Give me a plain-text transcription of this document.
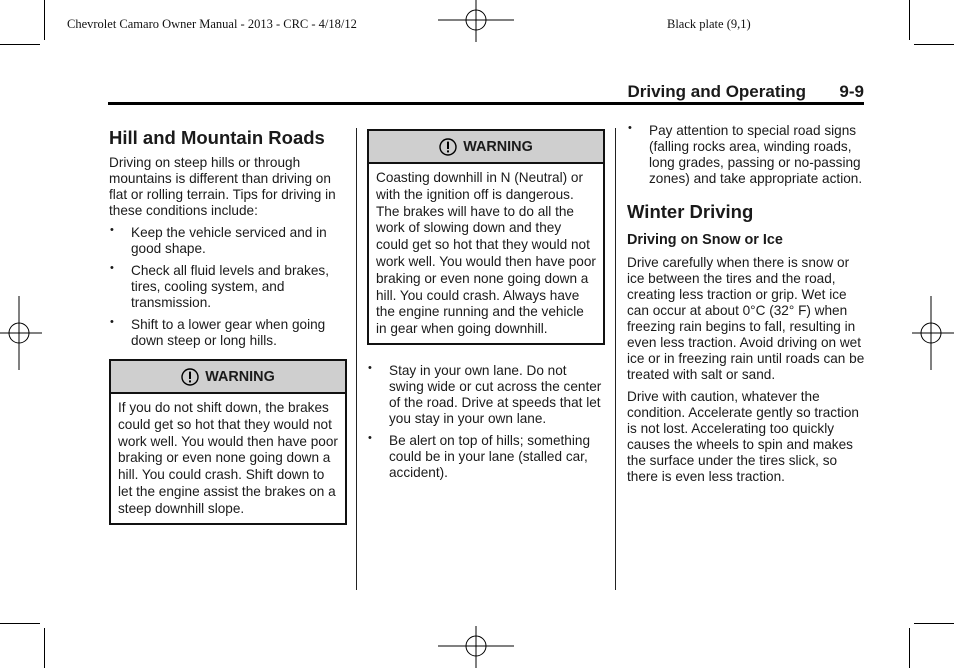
Chevrolet Camaro Owner Manual - 2013 - CRC - 4/18/12	Black plate (9,1)
Driving and Operating 9-9
Hill and Mountain Roads

Driving on steep hills or through mountains is different than driving on flat or rolling terrain. Tips for driving in these conditions include:

• Keep the vehicle serviced and in good shape.
• Check all fluid levels and brakes, tires, cooling system, and transmission.
• Shift to a lower gear when going down steep or long hills.
WARNING
If you do not shift down, the brakes could get so hot that they would not work well. You would then have poor braking or even none going down a hill. You could crash. Shift down to let the engine assist the brakes on a steep downhill slope.
WARNING
Coasting downhill in N (Neutral) or with the ignition off is dangerous. The brakes will have to do all the work of slowing down and they could get so hot that they would not work well. You would then have poor braking or even none going down a hill. You could crash. Always have the engine running and the vehicle in gear when going downhill.
• Stay in your own lane. Do not swing wide or cut across the center of the road. Drive at speeds that let you stay in your own lane.
• Be alert on top of hills; something could be in your lane (stalled car, accident).
• Pay attention to special road signs (falling rocks area, winding roads, long grades, passing or no-passing zones) and take appropriate action.
Winter Driving
Driving on Snow or Ice

Drive carefully when there is snow or ice between the tires and the road, creating less traction or grip. Wet ice can occur at about 0°C (32° F) when freezing rain begins to fall, resulting in even less traction. Avoid driving on wet ice or in freezing rain until roads can be treated with salt or sand.

Drive with caution, whatever the condition. Accelerate gently so traction is not lost. Accelerating too quickly causes the wheels to spin and makes the surface under the tires slick, so there is even less traction.
